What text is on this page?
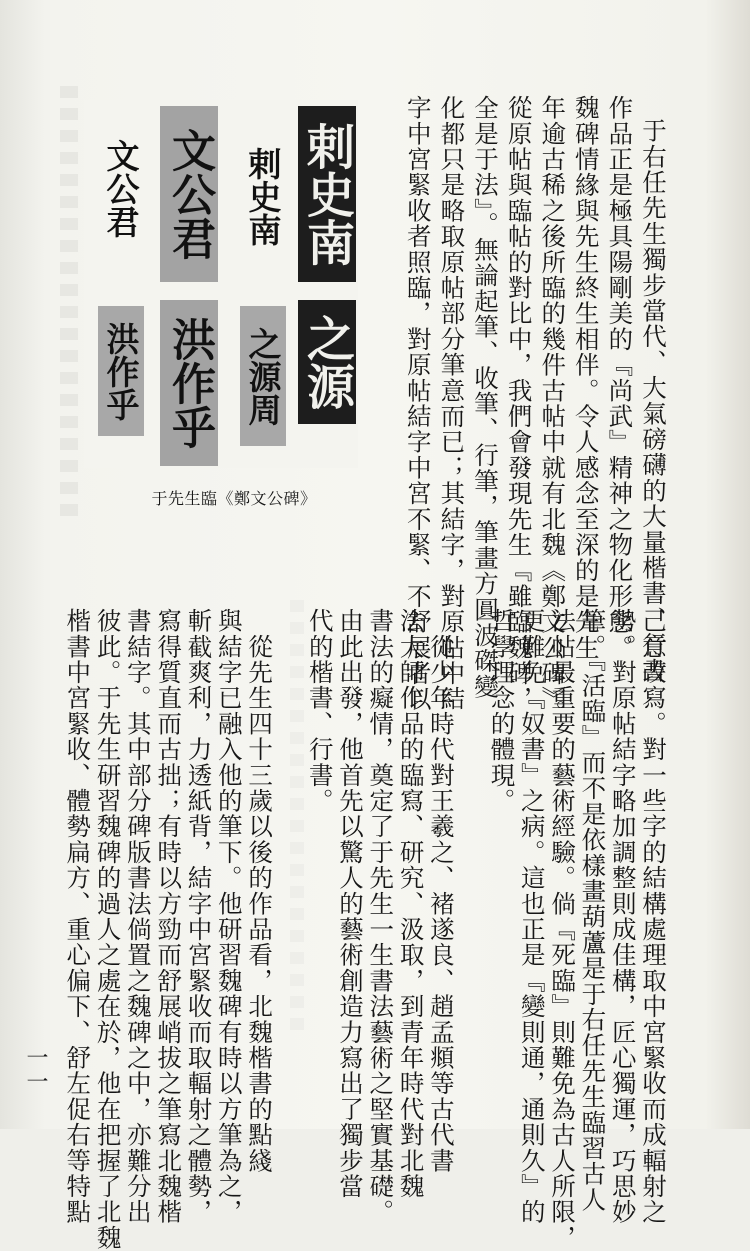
于右任先生獨步當代、大氣磅礴的大量楷書、行書
作品正是極具陽剛美的『尚武』精神之物化形態。
魏碑情緣與先生終生相伴。令人感念至深的是先生
年逾古稀之後所臨的幾件古帖中就有北魏《鄭文公碑》。
從原帖與臨帖的對比中，我們會發現先生『雖臨魏碑，
全是于法』。無論起筆、收筆、行筆，筆畫方圓波磔變
化都只是略取原帖部分筆意而已；其結字，對原帖中結
字中宮緊收者照臨，對原帖結字中宮不緊、不舒展者以
剌史南
剌史南
文公君
文公君
之源
之源周
洪作乎
洪作乎
于先生臨《鄭文公碑》
己意改寫。對一些字的結構處理取中宮緊收而成輻射之
勢。對原帖結字略加調整則成佳構，匠心獨運，巧思妙
筆。『活臨』而不是依樣畫葫蘆是于右任先生臨習古人
法帖最重要的藝術經驗。倘『死臨』則難免為古人所限，
更難免『奴書』之病。這也正是『變則通，通則久』的
哲學理念的體現。
　從少年時代對王羲之、褚遂良、趙孟頫等古代書
法大師作品的臨寫、研究、汲取，到青年時代對北魏
書法的癡情，奠定了于先生一生書法藝術之堅實基礎。
由此出發，他首先以驚人的藝術創造力寫出了獨步當
代的楷書、行書。
　從先生四十三歲以後的作品看，北魏楷書的點綫
與結字已融入他的筆下。他研習魏碑有時以方筆為之，
斬截爽利，力透紙背，結字中宮緊收而取輻射之體勢，
寫得質直而古拙；有時以方勁而舒展峭拔之筆寫北魏楷
書結字。其中部分碑版書法倘置之魏碑之中，亦難分出
彼此。于先生研習魏碑的過人之處在於，他在把握了北魏
楷書中宮緊收、體勢扁方、重心偏下、舒左促右等特點
一一
